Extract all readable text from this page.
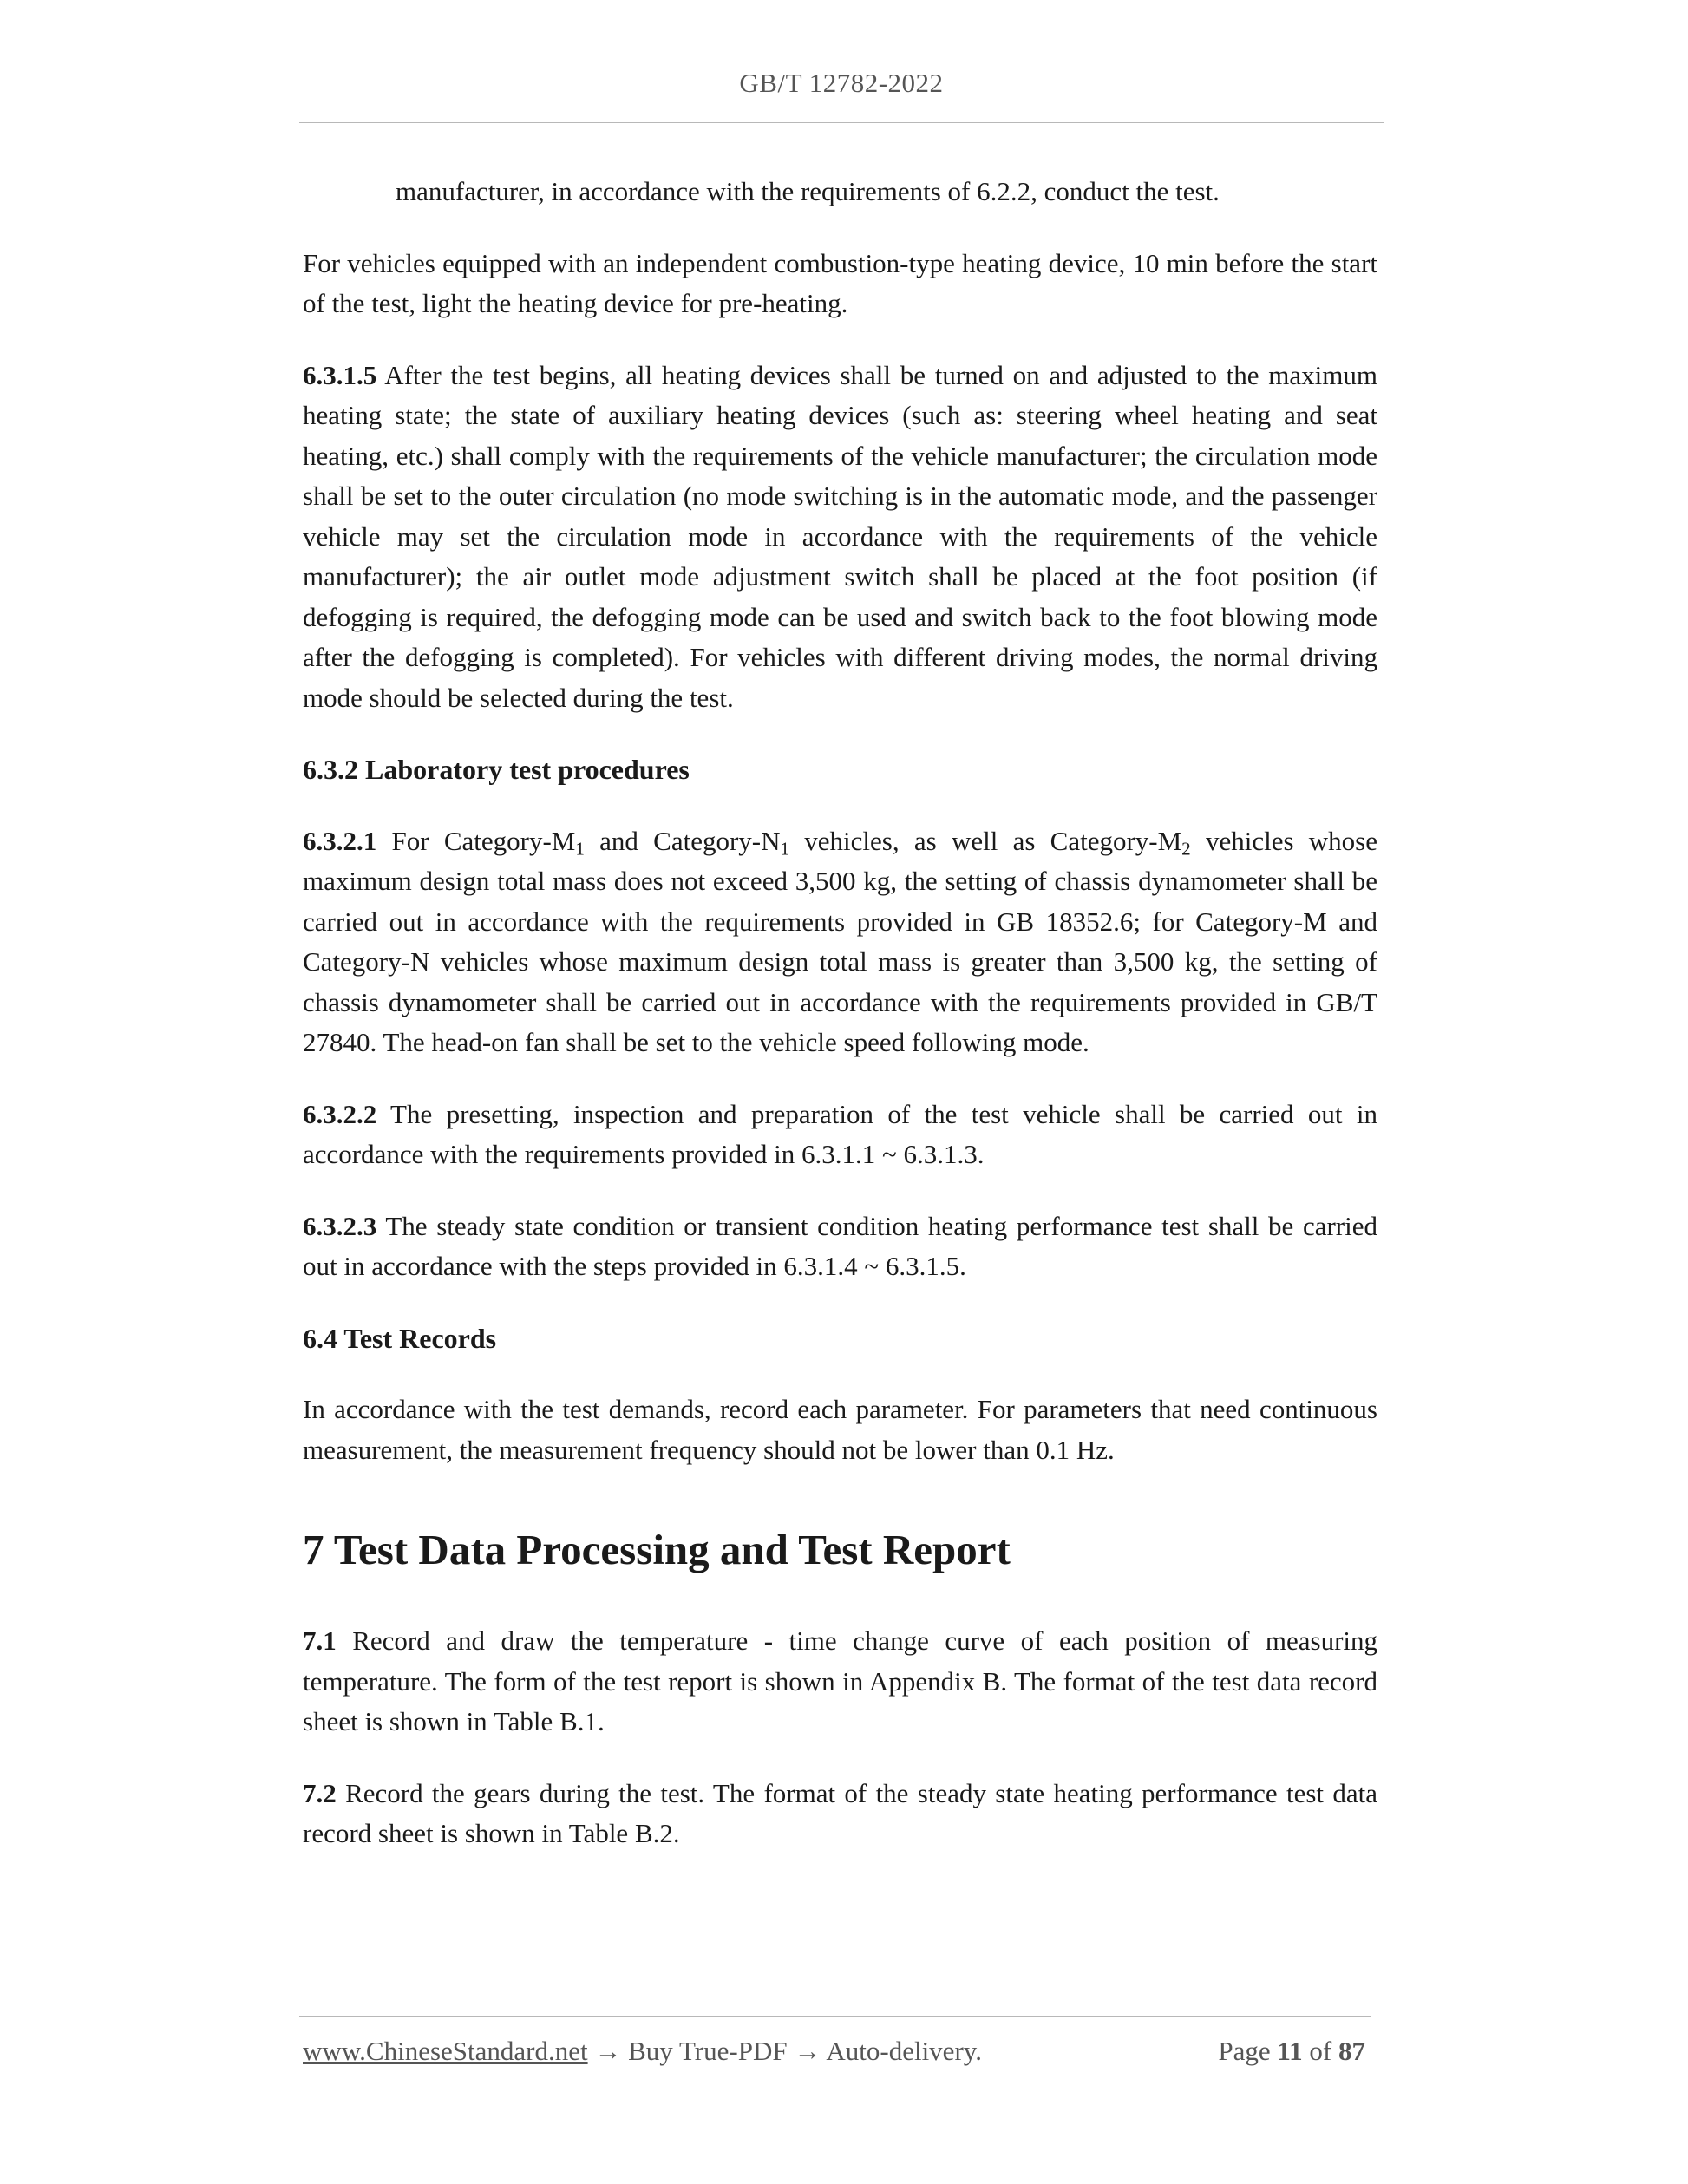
GB/T 12782-2022

manufacturer, in accordance with the requirements of 6.2.2, conduct the test.

For vehicles equipped with an independent combustion-type heating device, 10 min before the start of the test, light the heating device for pre-heating.

6.3.1.5 After the test begins, all heating devices shall be turned on and adjusted to the maximum heating state; the state of auxiliary heating devices (such as: steering wheel heating and seat heating, etc.) shall comply with the requirements of the vehicle manufacturer; the circulation mode shall be set to the outer circulation (no mode switching is in the automatic mode, and the passenger vehicle may set the circulation mode in accordance with the requirements of the vehicle manufacturer); the air outlet mode adjustment switch shall be placed at the foot position (if defogging is required, the defogging mode can be used and switch back to the foot blowing mode after the defogging is completed). For vehicles with different driving modes, the normal driving mode should be selected during the test.

6.3.2 Laboratory test procedures

6.3.2.1 For Category-$M_1$ and Category-$N_1$ vehicles, as well as Category-$M_2$ vehicles whose maximum design total mass does not exceed 3,500 kg, the setting of chassis dynamometer shall be carried out in accordance with the requirements provided in GB 18352.6; for Category-M and Category-N vehicles whose maximum design total mass is greater than 3,500 kg, the setting of chassis dynamometer shall be carried out in accordance with the requirements provided in GB/T 27840. The head-on fan shall be set to the vehicle speed following mode.

6.3.2.2 The presetting, inspection and preparation of the test vehicle shall be carried out in accordance with the requirements provided in 6.3.1.1 ~ 6.3.1.3.

6.3.2.3 The steady state condition or transient condition heating performance test shall be carried out in accordance with the steps provided in 6.3.1.4 ~ 6.3.1.5.

6.4 Test Records

In accordance with the test demands, record each parameter. For parameters that need continuous measurement, the measurement frequency should not be lower than 0.1 Hz.

7 Test Data Processing and Test Report

7.1 Record and draw the temperature - time change curve of each position of measuring temperature. The form of the test report is shown in Appendix B. The format of the test data record sheet is shown in Table B.1.

7.2 Record the gears during the test. The format of the steady state heating performance test data record sheet is shown in Table B.2.

www.ChineseStandard.net → Buy True-PDF → Auto-delivery.	Page 11 of 87
